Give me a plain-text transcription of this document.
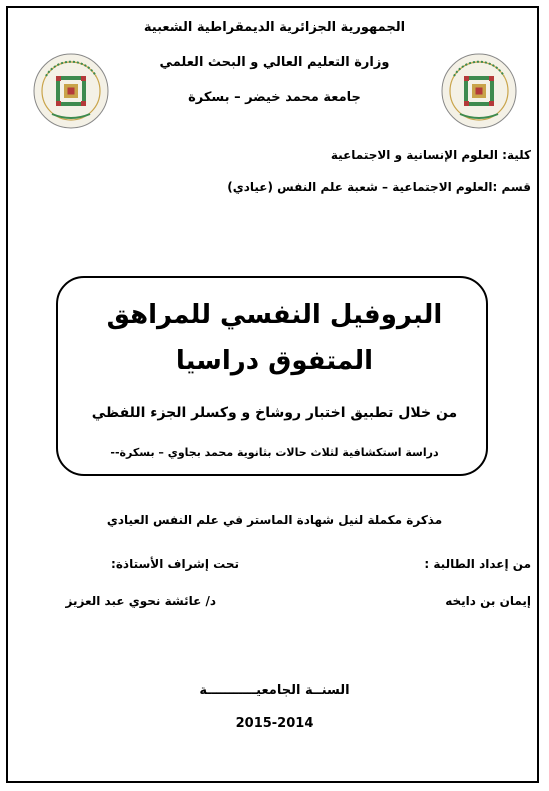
الجمهورية الجزائرية الديمقراطية الشعبية
وزارة التعليم العالي و البحث العلمي
جامعة محمد خيضر – بسكرة
كلية: العلوم الإنسانية و الاجتماعية
قسم :العلوم الاجتماعية – شعبة علم النفس (عيادي)
البروفيل النفسي للمراهق
المتفوق دراسيا
من خلال تطبيق اختبار روشاخ و وكسلر الجزء اللفظي
دراسة استكشافية لثلاث حالات بثانوية محمد بجاوي – بسكرة--
مذكرة مكملة لنيل شهادة الماستر في علم النفس العيادي
من إعداد الطالبة :
تحت إشراف الأستاذة:
إيمان بن دايخه
د/ عائشة نحوي عبد العزيز
السنــة الجامعيـــــــــــة
2015-2014
